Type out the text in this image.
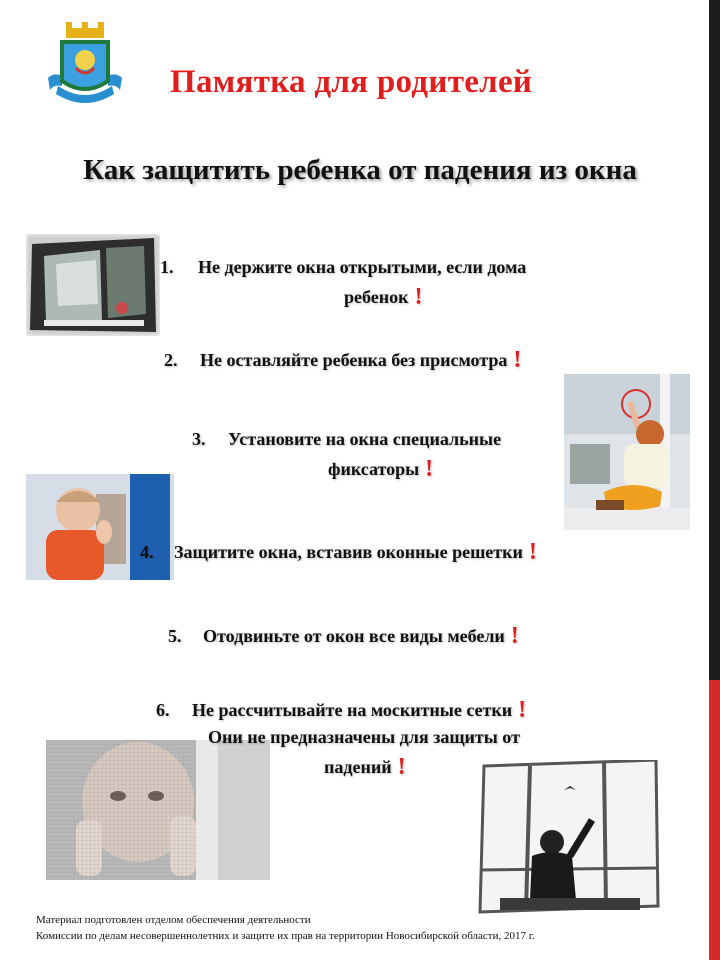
Памятка для родителей
Как защитить ребенка от падения из окна
1. Не держите окна открытыми, если дома
ребенок !
2. Не оставляйте ребенка без присмотра !
3. Установите на окна специальные
фиксаторы !
4. Защитите окна, вставив оконные решетки !
5. Отодвиньте от окон все виды мебели !
6. Не рассчитывайте на москитные сетки !
Они не предназначены для защиты от
падений !
Материал подготовлен отделом обеспечения деятельности
Комиссии по делам несовершеннолетних и защите их прав на территории Новосибирской области, 2017 г.
